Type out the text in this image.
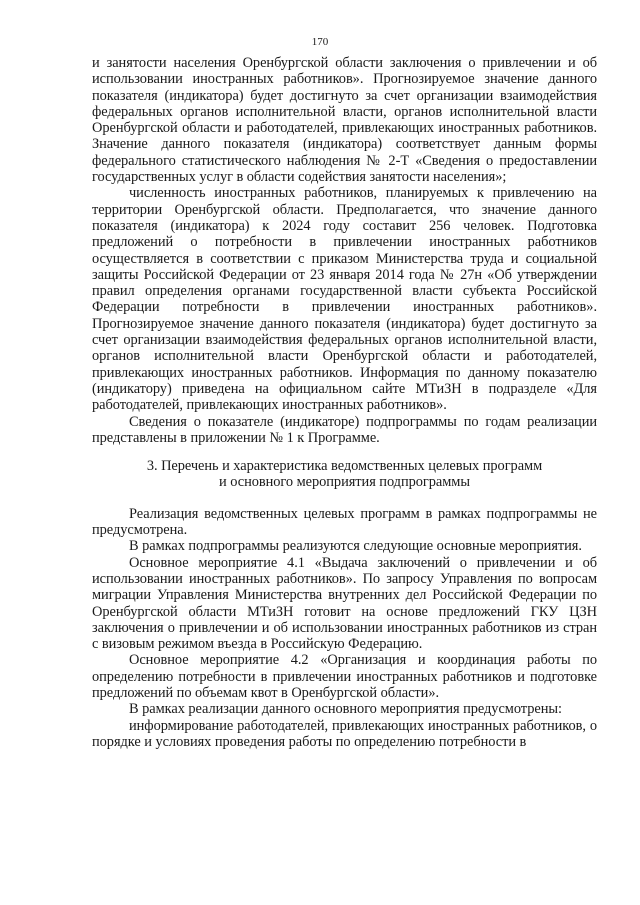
170

и занятости населения Оренбургской области заключения о привлечении и об использовании иностранных работников». Прогнозируемое значение данного показателя (индикатора) будет достигнуто за счет организации взаимодействия федеральных органов исполнительной власти, органов исполнительной власти Оренбургской области и работодателей, привлекающих иностранных работников. Значение данного показателя (индикатора) соответствует данным формы федерального статистического наблюдения № 2-Т «Сведения о предоставлении государственных услуг в области содействия занятости населения»;

численность иностранных работников, планируемых к привлечению на территории Оренбургской области. Предполагается, что значение данного показателя (индикатора) к 2024 году составит 256 человек. Подготовка предложений о потребности в привлечении иностранных работников осуществляется в соответствии с приказом Министерства труда и социальной защиты Российской Федерации от 23 января 2014 года № 27н «Об утверждении правил определения органами государственной власти субъекта Российской Федерации потребности в привлечении иностранных работников». Прогнозируемое значение данного показателя (индикатора) будет достигнуто за счет организации взаимодействия федеральных органов исполнительной власти, органов исполнительной власти Оренбургской области и работодателей, привлекающих иностранных работников. Информация по данному показателю (индикатору) приведена на официальном сайте МТиЗН в подразделе «Для работодателей, привлекающих иностранных работников».

Сведения о показателе (индикаторе) подпрограммы по годам реализации представлены в приложении № 1 к Программе.

3. Перечень и характеристика ведомственных целевых программ
и основного мероприятия подпрограммы

Реализация ведомственных целевых программ в рамках подпрограммы не предусмотрена.

В рамках подпрограммы реализуются следующие основные мероприятия.

Основное мероприятие 4.1 «Выдача заключений о привлечении и об использовании иностранных работников». По запросу Управления по вопросам миграции Управления Министерства внутренних дел Российской Федерации по Оренбургской области МТиЗН готовит на основе предложений ГКУ ЦЗН заключения о привлечении и об использовании иностранных работников из стран с визовым режимом въезда в Российскую Федерацию.

Основное мероприятие 4.2 «Организация и координация работы по определению потребности в привлечении иностранных работников и подготовке предложений по объемам квот в Оренбургской области».

В рамках реализации данного основного мероприятия предусмотрены:

информирование работодателей, привлекающих иностранных работников, о порядке и условиях проведения работы по определению потребности в
